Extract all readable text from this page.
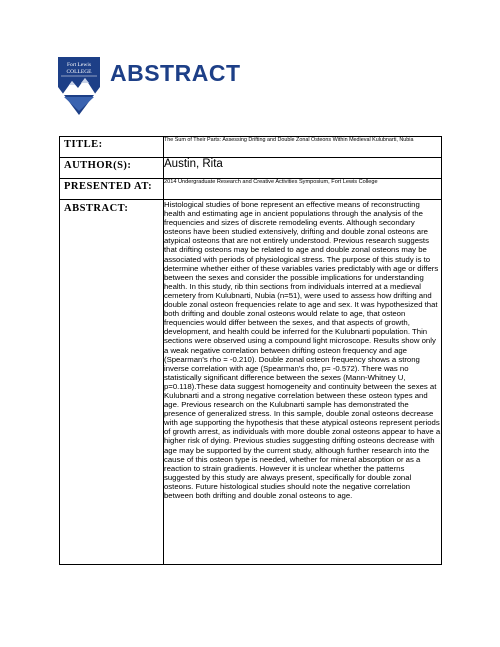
Fort Lewis
COLLEGE ABSTRACT
TITLE:	The Sum of Their Parts: Assessing Drifting and Double Zonal Osteons Within Medieval Kulubnarti, Nubia
AUTHOR(S):	Austin, Rita
PRESENTED AT:	2014 Undergraduate Research and Creative Activities Symposium, Fort Lewis College
ABSTRACT:	Histological studies of bone represent an effective means of reconstructing health and estimating age in ancient populations through the analysis of the frequencies and sizes of discrete remodeling events. Although secondary osteons have been studied extensively, drifting and double zonal osteons are atypical osteons that are not entirely understood. Previous research suggests that drifting osteons may be related to age and double zonal osteons may be associated with periods of physiological stress. The purpose of this study is to determine whether either of these variables varies predictably with age or differs between the sexes and consider the possible implications for understanding health. In this study, rib thin sections from individuals interred at a medieval cemetery from Kulubnarti, Nubia (n=51), were used to assess how drifting and double zonal osteon frequencies relate to age and sex. It was hypothesized that both drifting and double zonal osteons would relate to age, that osteon frequencies would differ between the sexes, and that aspects of growth, development, and health could be inferred for the Kulubnarti population. Thin sections were observed using a compound light microscope. Results show only a weak negative correlation between drifting osteon frequency and age (Spearman's rho = -0.210). Double zonal osteon frequency shows a strong inverse correlation with age (Spearman's rho, p= -0.572). There was no statistically significant difference between the sexes (Mann-Whitney U, p=0.118).These data suggest homogeneity and continuity between the sexes at Kulubnarti and a strong negative correlation between these osteon types and age. Previous research on the Kulubnarti sample has demonstrated the presence of generalized stress. In this sample, double zonal osteons decrease with age supporting the hypothesis that these atypical osteons represent periods of growth arrest, as individuals with more double zonal osteons appear to have a higher risk of dying. Previous studies suggesting drifting osteons decrease with age may be supported by the current study, although further research into the cause of this osteon type is needed, whether for mineral absorption or as a reaction to strain gradients. However it is unclear whether the patterns suggested by this study are always present, specifically for double zonal osteons. Future histological studies should note the negative correlation between both drifting and double zonal osteons to age.
